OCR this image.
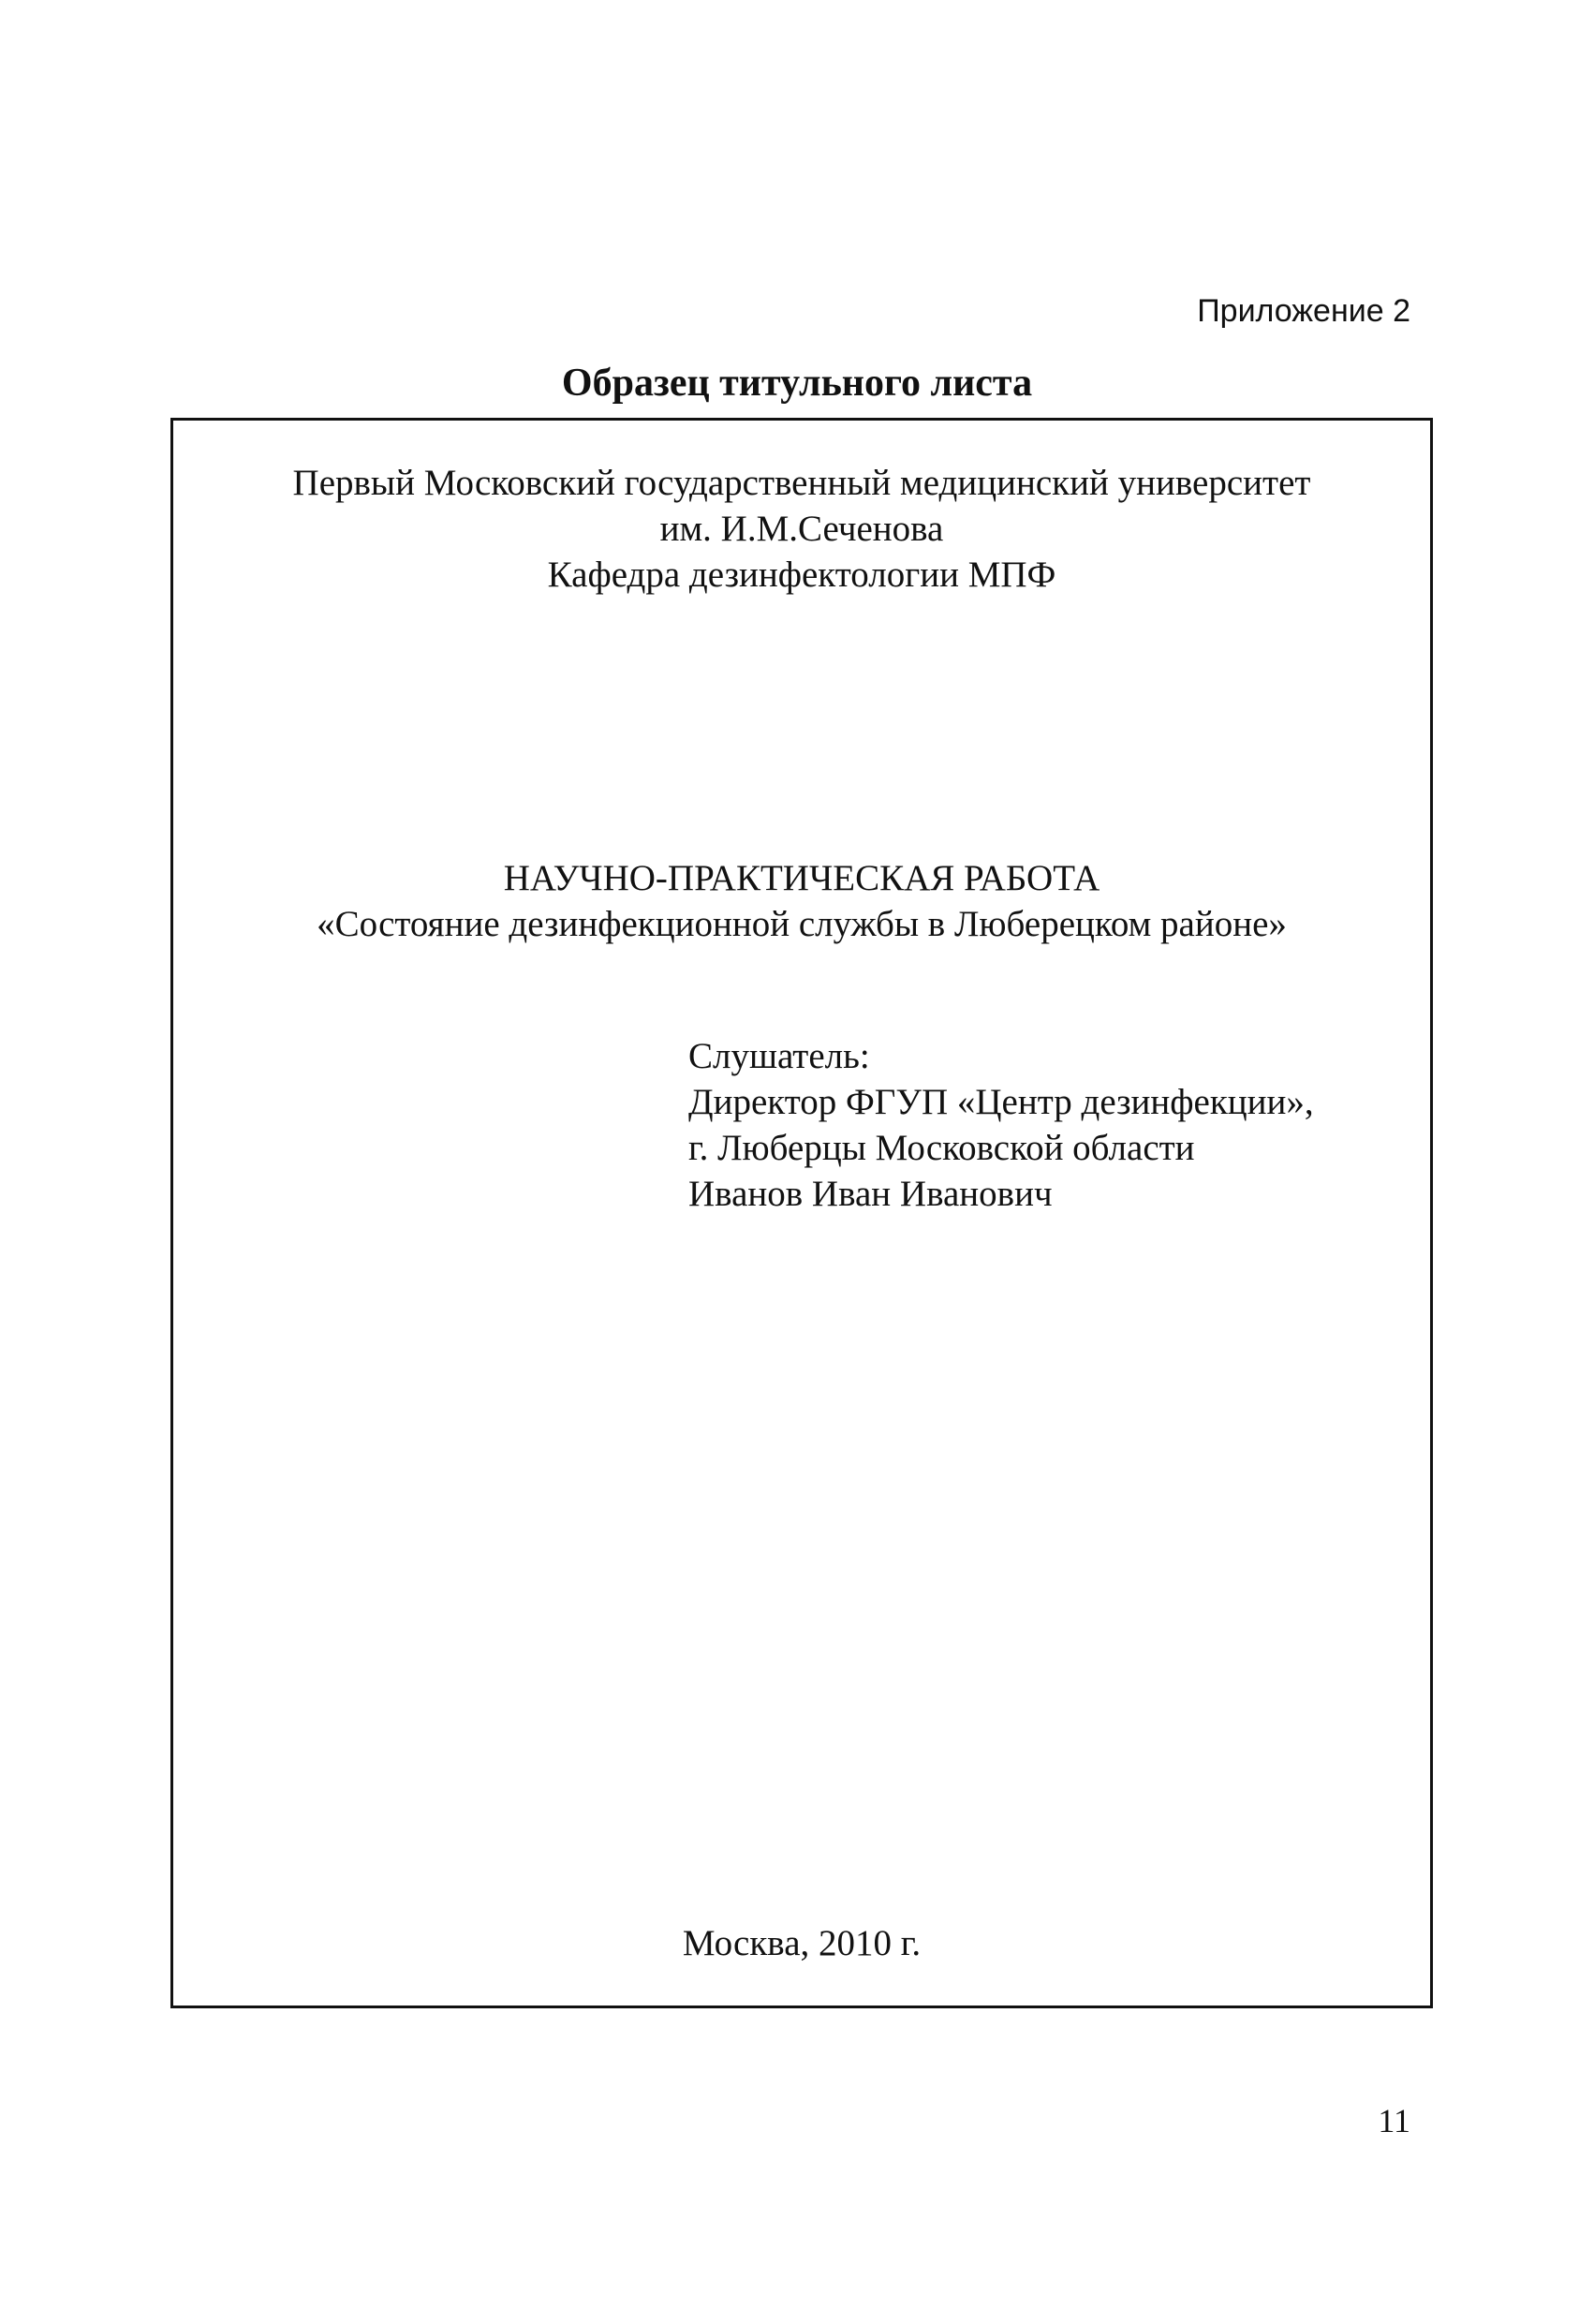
Приложение 2
Образец титульного листа
Первый Московский государственный медицинский университет
им. И.М.Сеченова
Кафедра дезинфектологии МПФ
НАУЧНО-ПРАКТИЧЕСКАЯ РАБОТА
«Состояние дезинфекционной службы в Люберецком районе»
Слушатель:
Директор ФГУП «Центр дезинфекции»,
г. Люберцы Московской области
Иванов Иван Иванович
Москва, 2010 г.
11
